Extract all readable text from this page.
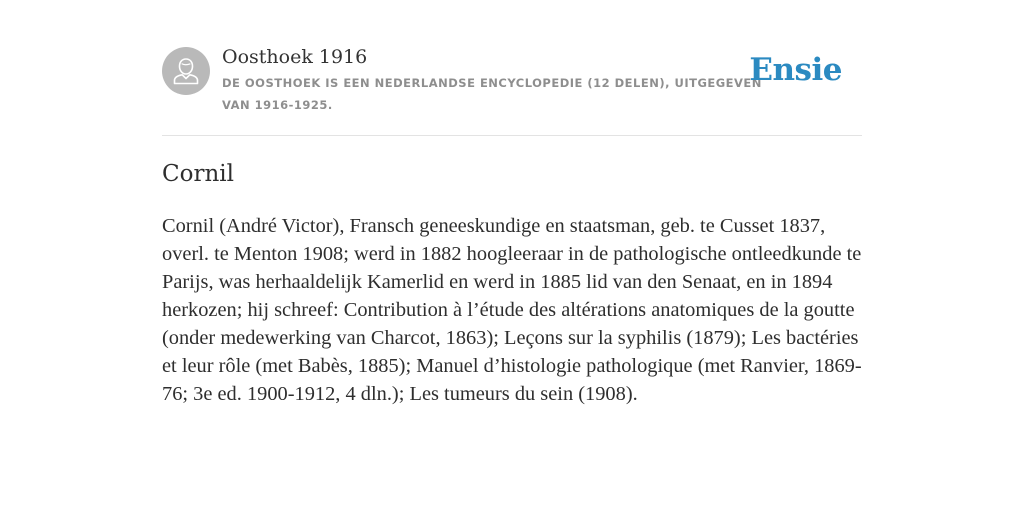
Oosthoek 1916

DE OOSTHOEK IS EEN NEDERLANDSE ENCYCLOPEDIE (12 DELEN), UITGEGEVEN VAN 1916-1925.

Ensie
Cornil

Cornil (André Victor), Fransch geneeskundige en staatsman, geb. te Cusset 1837, overl. te Menton 1908; werd in 1882 hoogleeraar in de pathologische ontleedkunde te Parijs, was herhaaldelijk Kamerlid en werd in 1885 lid van den Senaat, en in 1894 herkozen; hij schreef: Contribution à l’étude des altérations anatomiques de la goutte (onder medewerking van Charcot, 1863); Leçons sur la syphilis (1879); Les bactéries et leur rôle (met Babès, 1885); Manuel d’histologie pathologique (met Ranvier, 1869-76; 3e ed. 1900-1912, 4 dln.); Les tumeurs du sein (1908).
